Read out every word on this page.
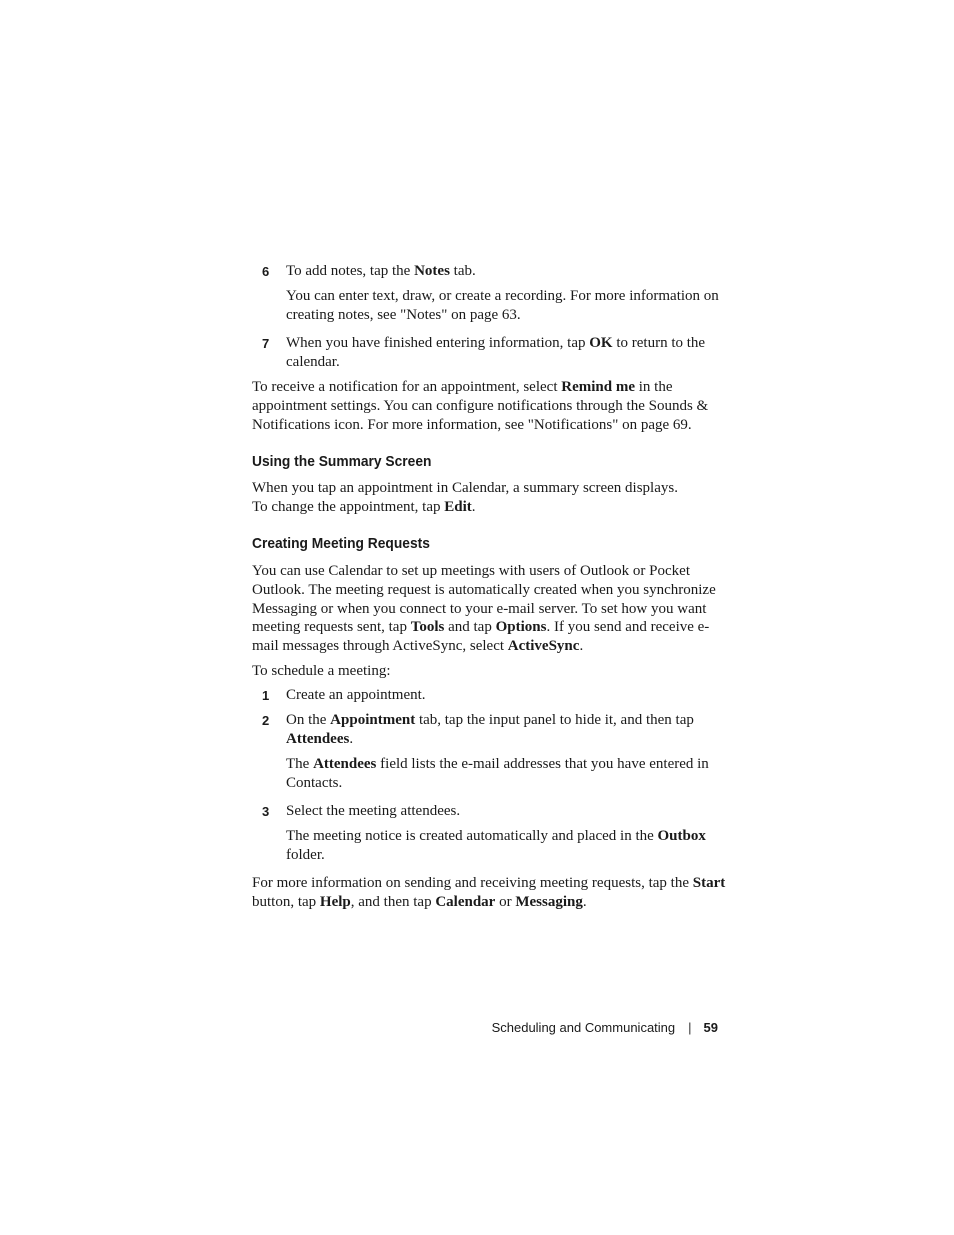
6 To add notes, tap the Notes tab.

You can enter text, draw, or create a recording. For more information on creating notes, see "Notes" on page 63.

7 When you have finished entering information, tap OK to return to the calendar.

To receive a notification for an appointment, select Remind me in the appointment settings. You can configure notifications through the Sounds & Notifications icon. For more information, see "Notifications" on page 69.

Using the Summary Screen

When you tap an appointment in Calendar, a summary screen displays.

To change the appointment, tap Edit.

Creating Meeting Requests

You can use Calendar to set up meetings with users of Outlook or Pocket Outlook. The meeting request is automatically created when you synchronize Messaging or when you connect to your e-mail server. To set how you want meeting requests sent, tap Tools and tap Options. If you send and receive e-mail messages through ActiveSync, select ActiveSync.

To schedule a meeting:

1 Create an appointment.
2 On the Appointment tab, tap the input panel to hide it, and then tap Attendees.

The Attendees field lists the e-mail addresses that you have entered in Contacts.

3 Select the meeting attendees.

The meeting notice is created automatically and placed in the Outbox folder.

For more information on sending and receiving meeting requests, tap the Start button, tap Help, and then tap Calendar or Messaging.

Scheduling and Communicating | 59
